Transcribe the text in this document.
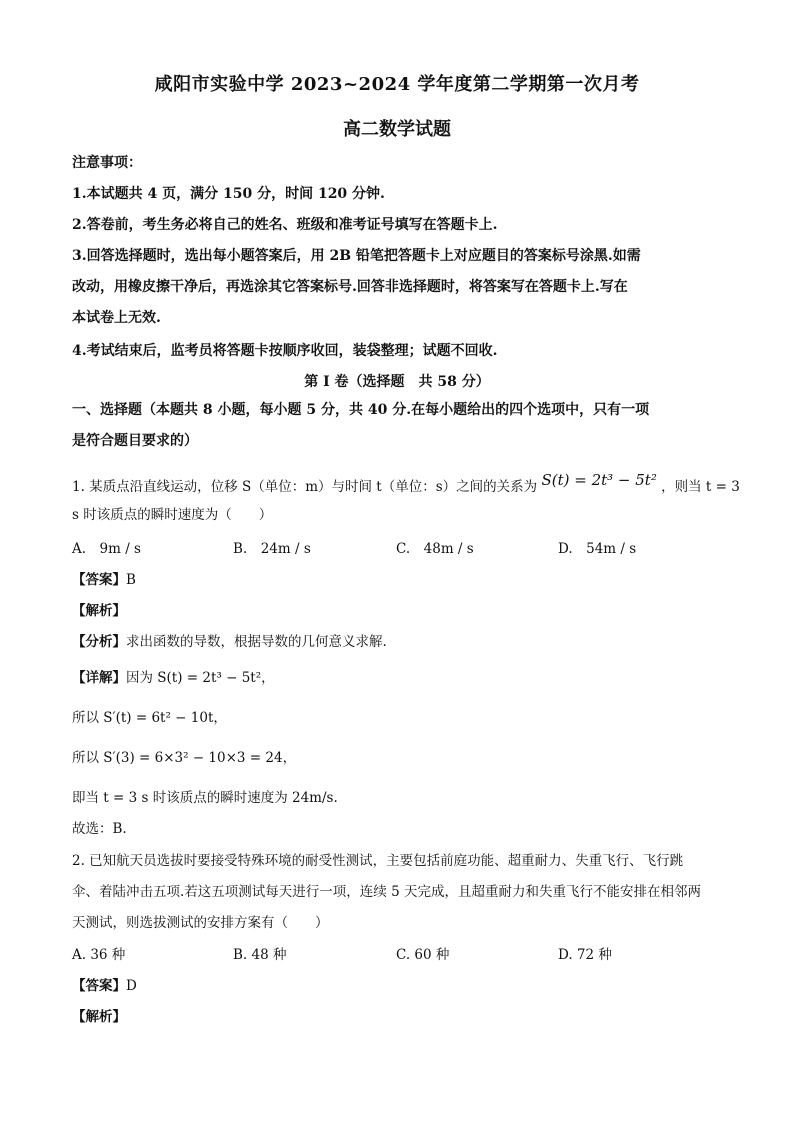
咸阳市实验中学 2023~2024 学年度第二学期第一次月考
高二数学试题
注意事项：
1.本试题共 4 页，满分 150 分，时间 120 分钟.
2.答卷前，考生务必将自己的姓名、班级和准考证号填写在答题卡上.
3.回答选择题时，选出每小题答案后，用 2B 铅笔把答题卡上对应题目的答案标号涂黑.如需
改动，用橡皮擦干净后，再选涂其它答案标号.回答非选择题时，将答案写在答题卡上.写在
本试卷上无效.
4.考试结束后，监考员将答题卡按顺序收回，装袋整理；试题不回收.
第 I 卷（选择题　共 58 分）
一、选择题（本题共 8 小题，每小题 5 分，共 40 分.在每小题给出的四个选项中，只有一项
是符合题目要求的）
1. 某质点沿直线运动，位移 S（单位：m）与时间 t（单位：s）之间的关系为 S(t) = 2t³ − 5t² ，则当 t = 3
s 时该质点的瞬时速度为（　　）
A.　9m / s	B.　24m / s	C.　48m / s	D.　54m / s
【答案】B
【解析】
【分析】求出函数的导数，根据导数的几何意义求解.
【详解】因为 S(t) = 2t³ − 5t²，
所以 S′(t) = 6t² − 10t，
所以 S′(3) = 6×3² − 10×3 = 24，
即当 t = 3 s 时该质点的瞬时速度为 24m/s.
故选：B.
2. 已知航天员选拔时要接受特殊环境的耐受性测试，主要包括前庭功能、超重耐力、失重飞行、飞行跳
伞、着陆冲击五项.若这五项测试每天进行一项，连续 5 天完成，且超重耐力和失重飞行不能安排在相邻两
天测试，则选拔测试的安排方案有（　　）
A. 36 种	B. 48 种	C. 60 种	D. 72 种
【答案】D
【解析】
